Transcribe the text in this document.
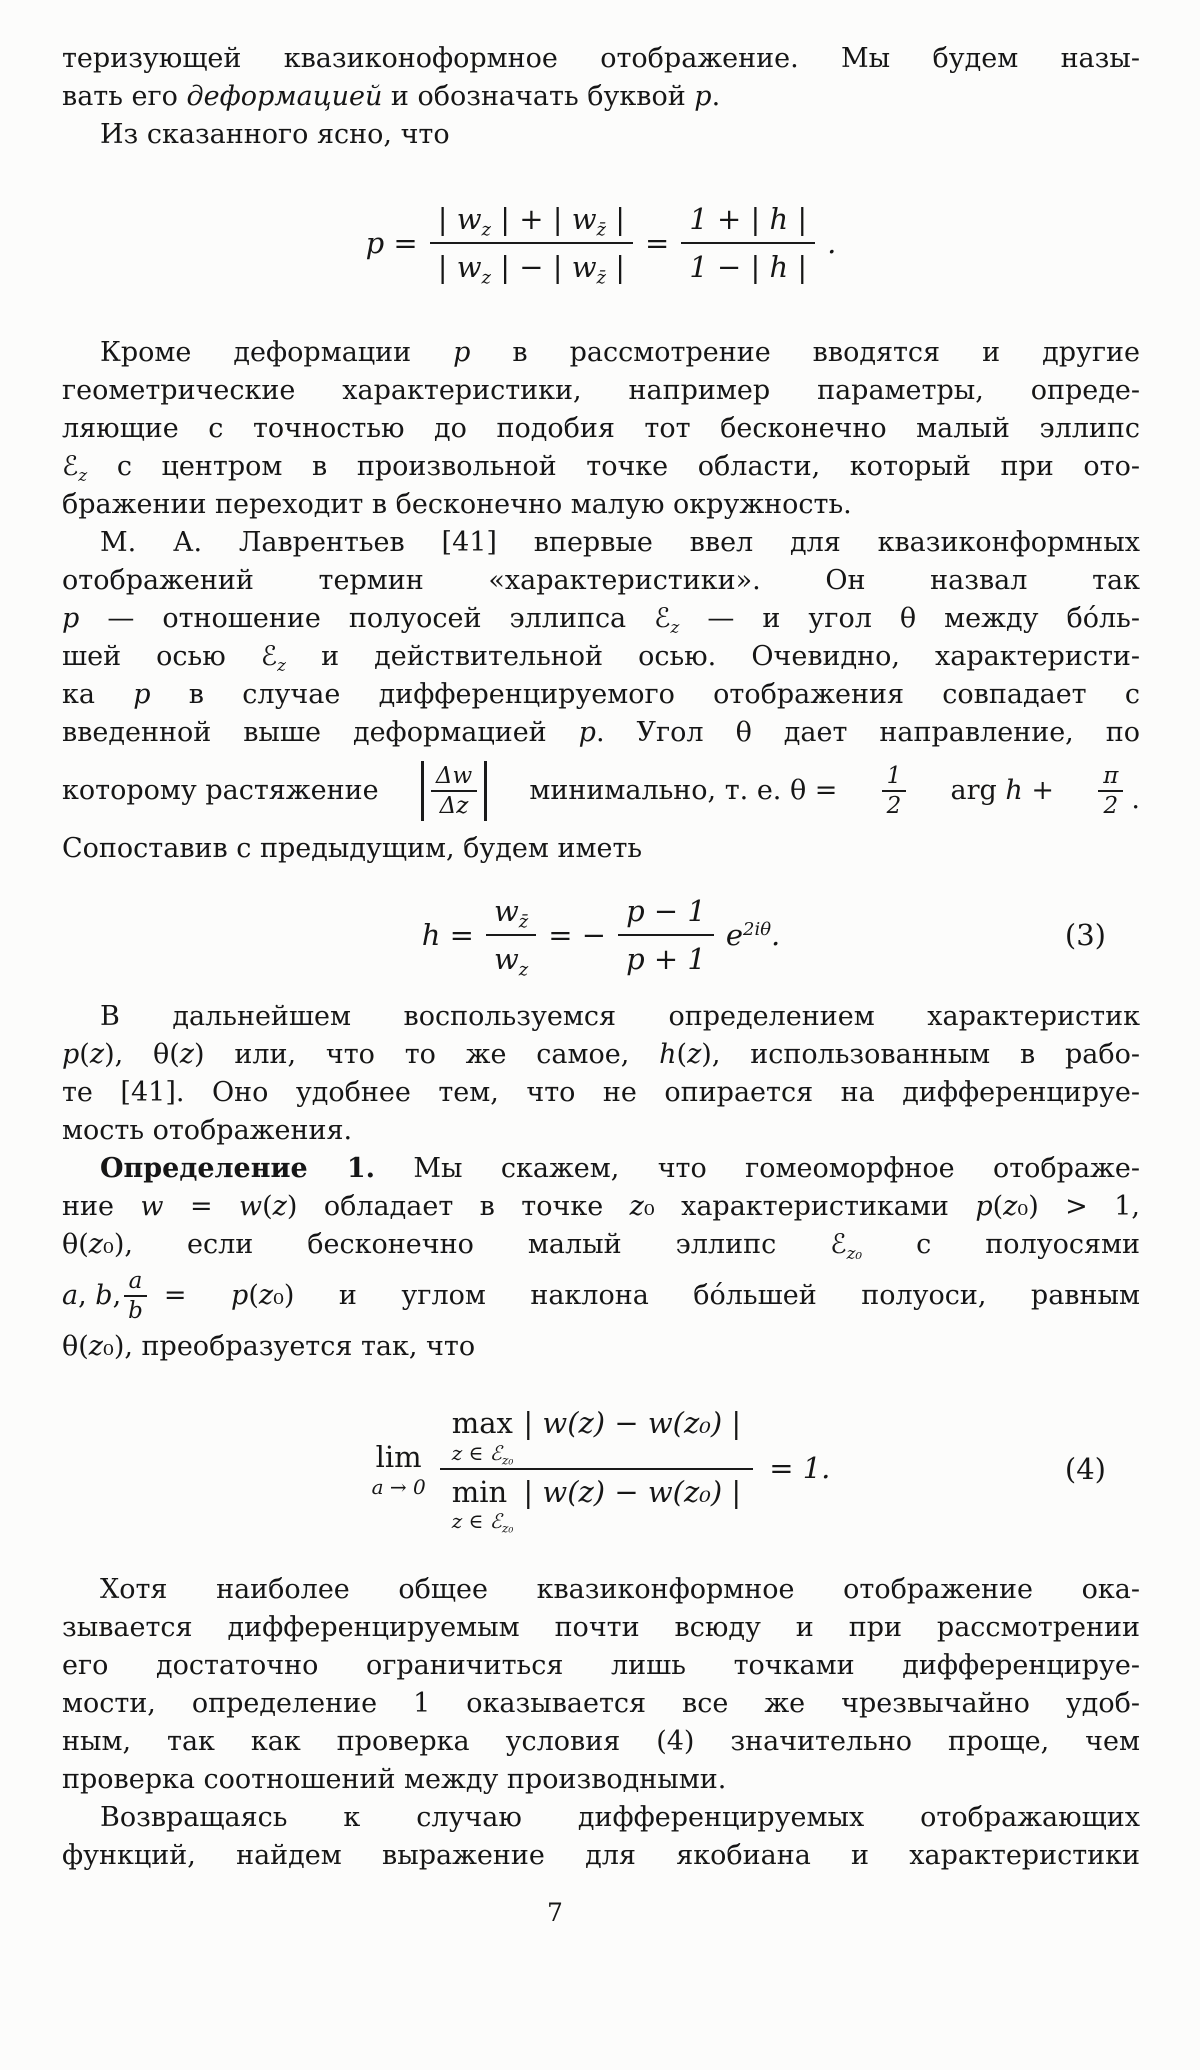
теризующей квазиконоформное отображение. Мы будем назы-
вать его деформацией и обозначать буквой p.
Из сказанного ясно, что
$p = \frac{| w_z | + | w_{z̄} |}{| w_z | - | w_{z̄} |} = \frac{1 + | h |}{1 - | h |}$ .
Кроме деформации p в рассмотрение вводятся и другие
геометрические характеристики, например параметры, опреде-
ляющие с точностью до подобия тот бесконечно малый эллипс
ℰ$_z$ с центром в произвольной точке области, который при ото-
бражении переходит в бесконечно малую окружность.
М. А. Лаврентьев [41] впервые ввел для квазиконформных
отображений термин «характеристики». Он назвал так
p — отношение полуосей эллипса ℰ$_z$ — и угол θ между бо́ль-
шей осью ℰ$_z$ и действительной осью. Очевидно, характеристи-
ка p в случае дифференцируемого отображения совпадает с
введенной выше деформацией p. Угол θ дает направление, по
которому растяжение $\frac{\Delta w}{\Delta z}$ минимально, т. е. $\theta = \frac{1}{2}$ arg $h + \frac{\pi}{2}$ .
Сопоставив с предыдущим, будем иметь
$h = \frac{w_{z̄}}{w_z}$ = − $\frac{p - 1}{p + 1} e^{2i\theta}$.	(3)
В дальнейшем воспользуемся определением характеристик
p(z), θ(z) или, что то же самое, h(z), использованным в рабо-
те [41]. Оно удобнее тем, что не опирается на дифференцируе-
мость отображения.
Определение 1. Мы скажем, что гомеоморфное отображе-
ние w = w(z) обладает в точке z₀ характеристиками p(z₀) > 1,
θ(z₀), если бесконечно малый эллипс ℰ$_{z_0}$ с полуосями
a, b, $\frac{a}{b} = p(z_0)$ и углом наклона бо́льшей полуоси, равным
θ(z₀), преобразуется так, что
lim
a → 0
max
z ∈ ℰ$_{z_0}$
| w(z) − w(z₀) |
min
z ∈ ℰ$_{z_0}$
| w(z) − w(z₀) |
= 1.	(4)
Хотя наиболее общее квазиконформное отображение ока-
зывается дифференцируемым почти всюду и при рассмотрении
его достаточно ограничиться лишь точками дифференцируе-
мости, определение 1 оказывается все же чрезвычайно удоб-
ным, так как проверка условия (4) значительно проще, чем
проверка соотношений между производными.
Возвращаясь к случаю дифференцируемых отображающих
функций, найдем выражение для якобиана и характеристики
7
